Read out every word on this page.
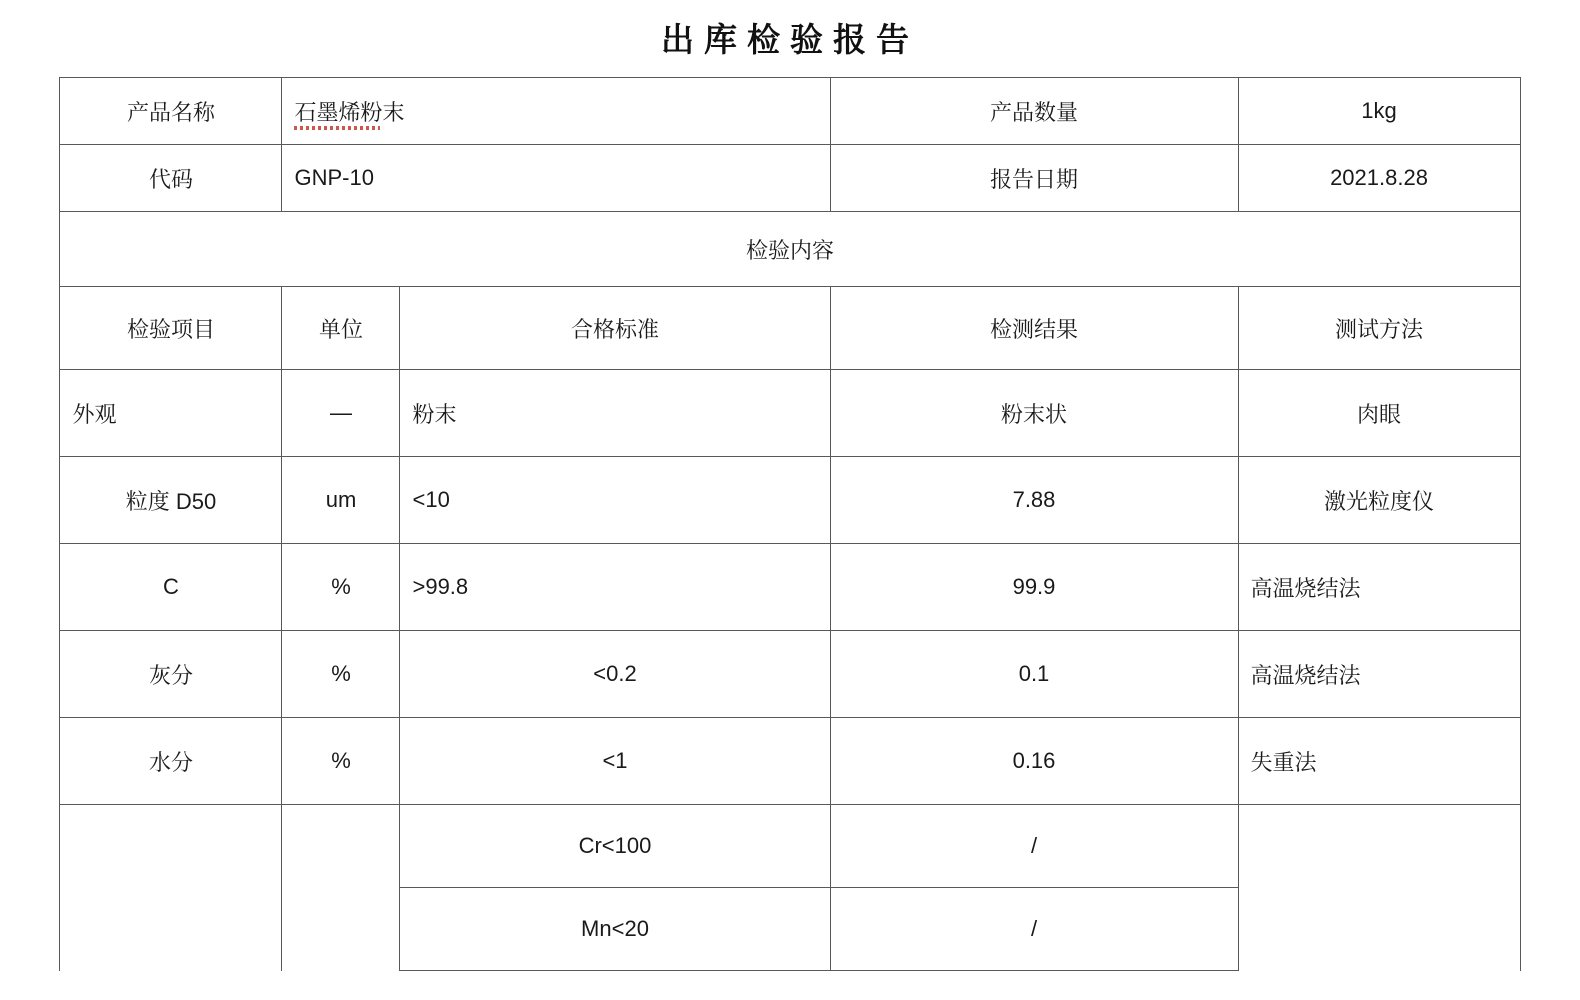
出库检验报告
产品名称	石墨烯粉末		产品数量	1kg
代码	GNP-10		报告日期	2021.8.28
检验内容				
检验项目	单位	合格标准	检测结果	测试方法
外观	—	粉末	粉末状	肉眼
粒度 D50	um	<10	7.88	激光粒度仪
C	%	>99.8	99.9	高温烧结法
灰分	%	<0.2	0.1	高温烧结法
水分	%	<1	0.16	失重法
		Cr<100	/	
		Mn<20	/	
